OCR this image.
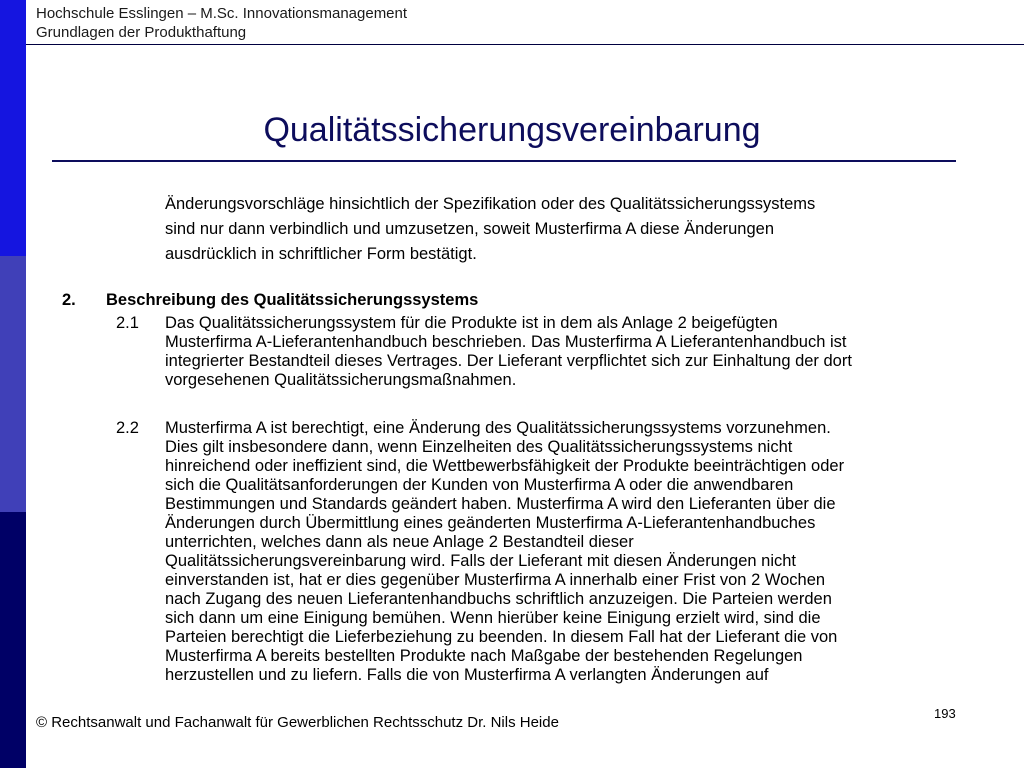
Hochschule Esslingen – M.Sc. Innovationsmanagement
Grundlagen der Produkthaftung
Qualitätssicherungsvereinbarung

Änderungsvorschläge hinsichtlich der Spezifikation oder des Qualitätssicherungssystems

sind nur dann verbindlich und umzusetzen, soweit Musterfirma A diese Änderungen

ausdrücklich in schriftlicher Form bestätigt.

2. Beschreibung des Qualitätssicherungssystems
2.1 Das Qualitätssicherungssystem für die Produkte ist in dem als Anlage 2 beigefügten

Musterfirma A-Lieferantenhandbuch beschrieben. Das Musterfirma A Lieferantenhandbuch ist

integrierter Bestandteil dieses Vertrages. Der Lieferant verpflichtet sich zur Einhaltung der dort

vorgesehenen Qualitätssicherungsmaßnahmen.

2.2 Musterfirma A ist berechtigt, eine Änderung des Qualitätssicherungssystems vorzunehmen.

Dies gilt insbesondere dann, wenn Einzelheiten des Qualitätssicherungssystems nicht

hinreichend oder ineffizient sind, die Wettbewerbsfähigkeit der Produkte beeinträchtigen oder

sich die Qualitätsanforderungen der Kunden von Musterfirma A oder die anwendbaren

Bestimmungen und Standards geändert haben. Musterfirma A wird den Lieferanten über die

Änderungen durch Übermittlung eines geänderten Musterfirma A-Lieferantenhandbuches

unterrichten, welches dann als neue Anlage 2 Bestandteil dieser

Qualitätssicherungsvereinbarung wird. Falls der Lieferant mit diesen Änderungen nicht

einverstanden ist, hat er dies gegenüber Musterfirma A innerhalb einer Frist von 2 Wochen

nach Zugang des neuen Lieferantenhandbuchs schriftlich anzuzeigen. Die Parteien werden

sich dann um eine Einigung bemühen. Wenn hierüber keine Einigung erzielt wird, sind die

Parteien berechtigt die Lieferbeziehung zu beenden. In diesem Fall hat der Lieferant die von

Musterfirma A bereits bestellten Produkte nach Maßgabe der bestehenden Regelungen

herzustellen und zu liefern. Falls die von Musterfirma A verlangten Änderungen auf

© Rechtsanwalt und Fachanwalt für Gewerblichen Rechtsschutz Dr. Nils Heide
193
